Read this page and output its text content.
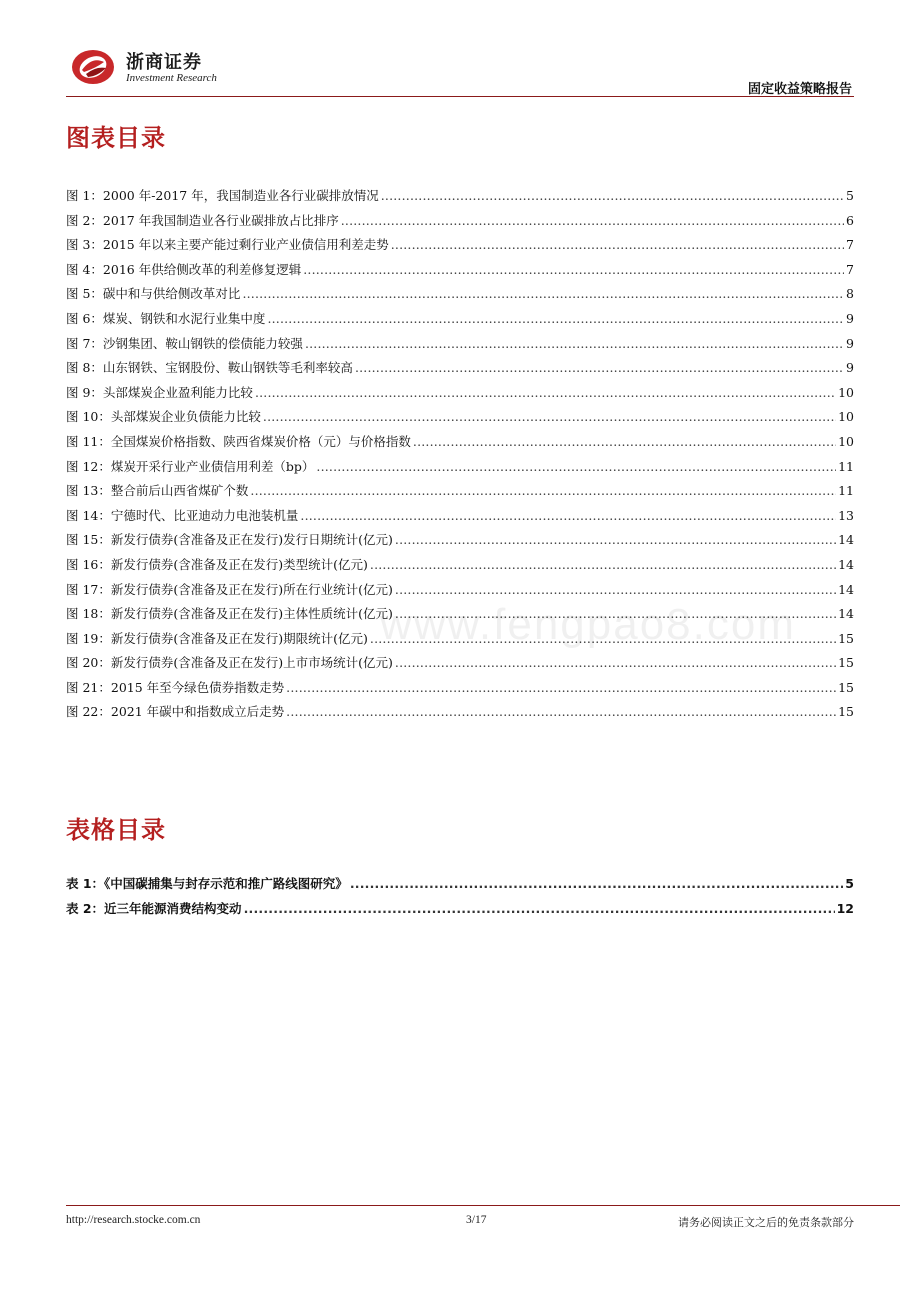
浙商证券
Investment Research
固定收益策略报告
图表目录
图 1：2000 年-2017 年，我国制造业各行业碳排放情况 .....	5
图 2：2017 年我国制造业各行业碳排放占比排序 .....	6
图 3：2015 年以来主要产能过剩行业产业债信用利差走势 .....	7
图 4：2016 年供给侧改革的利差修复逻辑 .....	7
图 5：碳中和与供给侧改革对比 .....	8
图 6：煤炭、钢铁和水泥行业集中度 .....	9
图 7：沙钢集团、鞍山钢铁的偿债能力较强 .....	9
图 8：山东钢铁、宝钢股份、鞍山钢铁等毛利率较高 .....	9
图 9：头部煤炭企业盈利能力比较 .....	10
图 10：头部煤炭企业负债能力比较 .....	10
图 11：全国煤炭价格指数、陕西省煤炭价格（元）与价格指数 .....	10
图 12：煤炭开采行业产业债信用利差（bp） .....	11
图 13：整合前后山西省煤矿个数 .....	11
图 14：宁德时代、比亚迪动力电池装机量 .....	13
图 15：新发行债券(含准备及正在发行)发行日期统计(亿元) .....	14
图 16：新发行债券(含准备及正在发行)类型统计(亿元) .....	14
图 17：新发行债券(含准备及正在发行)所在行业统计(亿元) .....	14
图 18：新发行债券(含准备及正在发行)主体性质统计(亿元) .....	14
图 19：新发行债券(含准备及正在发行)期限统计(亿元) .....	15
图 20：新发行债券(含准备及正在发行)上市市场统计(亿元) .....	15
图 21：2015 年至今绿色债券指数走势 .....	15
图 22：2021 年碳中和指数成立后走势 .....	15
www.fengpao8.com
表格目录
表 1：《中国碳捕集与封存示范和推广路线图研究》 .....	5
表 2：近三年能源消费结构变动 .....	12
http://research.stocke.com.cn	3/17	请务必阅读正文之后的免责条款部分
